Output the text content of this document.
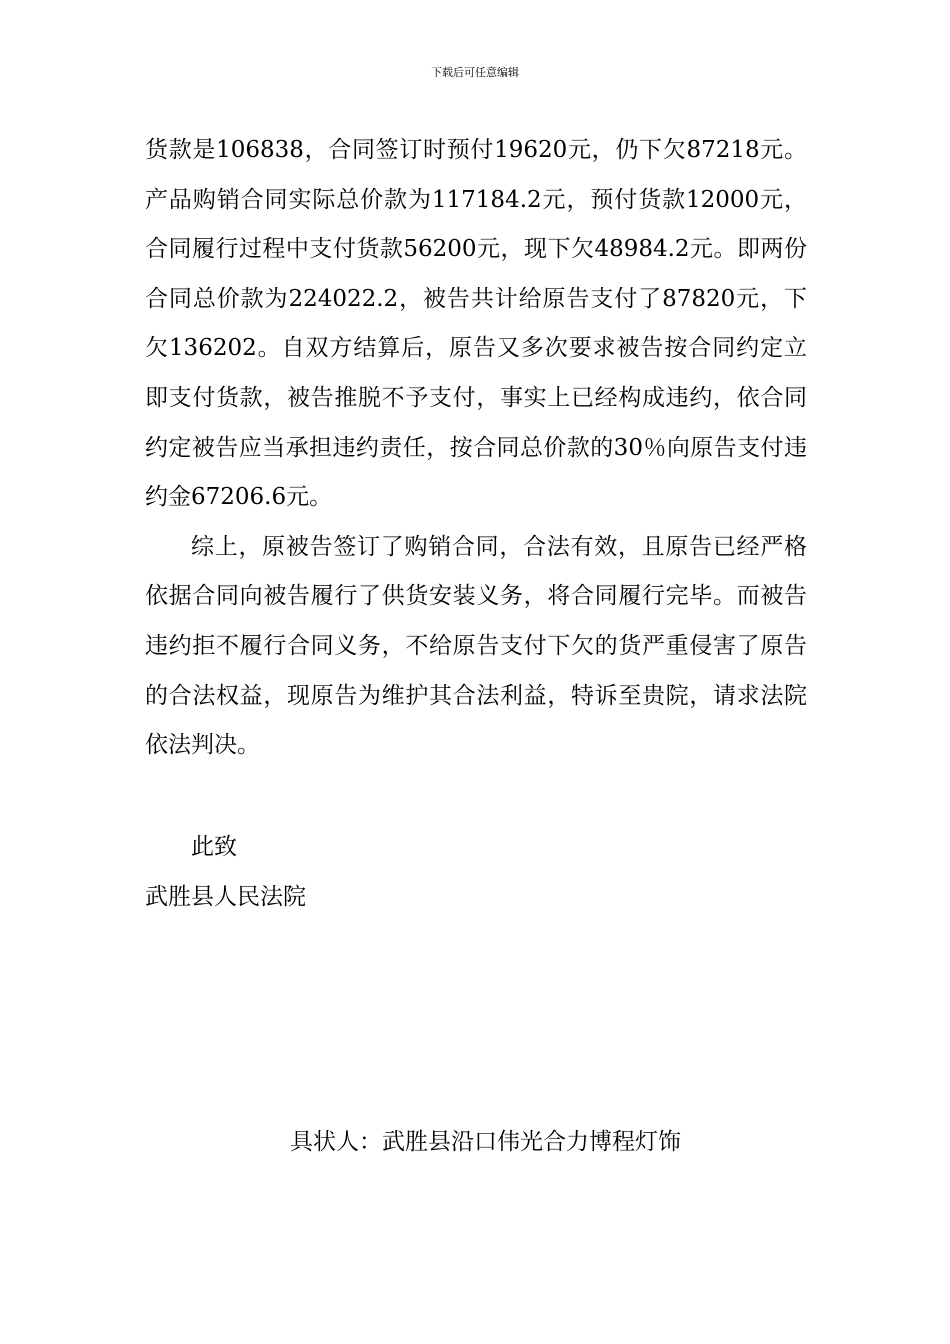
下载后可任意编辑

货款是106838，合同签订时预付19620元，仍下欠87218元。产品购销合同实际总价款为117184.2元，预付货款12000元，合同履行过程中支付货款56200元，现下欠48984.2元。即两份合同总价款为224022.2，被告共计给原告支付了87820元，下欠136202。自双方结算后，原告又多次要求被告按合同约定立即支付货款，被告推脱不予支付，事实上已经构成违约，依合同约定被告应当承担违约责任，按合同总价款的30％向原告支付违约金67206.6元。

综上，原被告签订了购销合同，合法有效，且原告已经严格依据合同向被告履行了供货安装义务，将合同履行完毕。而被告违约拒不履行合同义务，不给原告支付下欠的货严重侵害了原告的合法权益，现原告为维护其合法利益，特诉至贵院，请求法院依法判决。

此致

武胜县人民法院

具状人：武胜县沿口伟光合力博程灯饰
